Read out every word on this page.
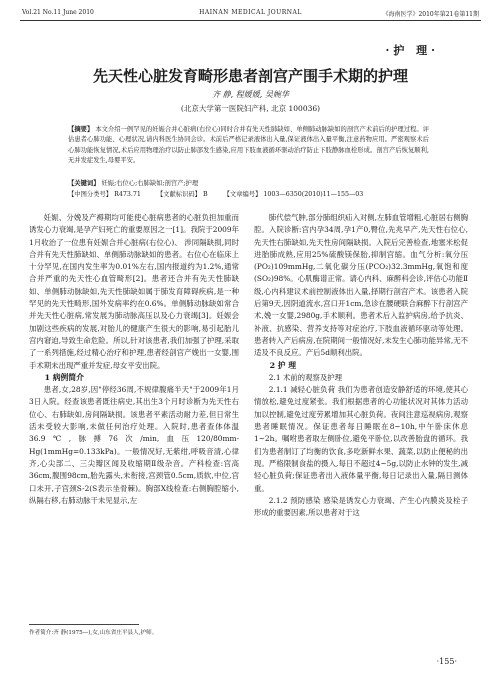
Vol.21 No.11 June 2010	HAINAN MEDICAL JOURNAL	《海南医学》2010年第21卷第11期
·护 理·
先天性心脏发育畸形患者剖宫产围手术期的护理
齐 静, 程媛媛, 吴婉华
(北京大学第一医院妇产科, 北京 100036)
【摘要】 本文介绍一例罕见的妊娠合并心脏病(右位心)同时合并有先天性肺缺如、单侧肺动脉缺如的剖宫产术前后的护理过程。评估患者心肺功能、心理状况,请内科医生协同会诊。术前后严格记录液体出入量,保证液体出入量平衡,注意药物应用。严密观察术后心肺功能恢复情况,术后应用物理治疗以防止肺部发生感染,应用下肢血液循环驱动治疗防止下肢静脉血栓形成。剖宫产后恢复顺利,无并发症发生,母婴平安。
【关键词】 妊娠;右位心;右肺缺如;剖宫产;护理
【中图分类号】 R473.71	【文献标识码】 B	【文章编号】 1003—6350(2010)11—155—03

妊娠、分娩及产褥期均可能使心脏病患者的心脏负担加重而诱发心力衰竭,是孕产妇死亡的重要原因之一[1]。我院于2009年1月收治了一位患有妊娠合并心脏病(右位心)、 涉同隔缺损,同时合并有先天性肺缺如、单侧肺动脉缺如的患者。右位心在临床上十分罕见,在国内发生率为0.01%左右,国内报道约为1.2%,通常合并严重的先天性心血管畸形[2]。患者还合并有先天性肺缺如、单侧肺动脉缺如,先天性肺缺如属于肺发育障碍疾病,是一种罕见的先天性畸形,国外发病率约在0.6%。单侧肺动脉缺如常合并先天性心脏病,常发展为肺动脉高压以及心力衰竭[3]。妊娠会加剧这些疾病的发展,对胎儿的健康产生很大的影响,易引起胎儿宫内窘迫,导致生命危险。所以,针对该患者,我们加强了护理,采取了一系列措施,经过精心治疗和护理,患者经剖宫产娩出一女婴,围手术期未出现严重并发症,母女平安出院。

1 病例简介

患者,女,28岁,因"停经36周,不规律腹痛半天"于2009年1月3日入院。经查该患者既往病史,其出生3个月时诊断为先天性右位心、右肺缺如,房间隔缺损。该患者平素活动耐力差,但日常生活未受较大影响,未做任何治疗处理。入院时,患者查体体温36.9℃,脉搏76次/min,血压120/80mm-Hg(1mmHg=0.133kPa)。一般情况好,无紫绀,呼吸音清,心律齐,心尖部二、三尖瓣区闻及收缩期Ⅱ级杂音。产科检查:宫高36cm,腹围98cm,胎先露头,未衔接,宫颈管0.5cm,质软,中位,宫口未开,子宫颈S-2(S表示坐骨棘)。胸部X线检查:右侧胸腔缩小,纵隔右移,右肺动脉干未见显示,左

肺代偿气肿,部分肺组织疝入对侧,左肺血管增粗,心脏居右侧胸腔。入院诊断:宫内孕34周,孕1产0,臀位,先兆早产,先天性右位心,先天性右肺缺如,先天性房间隔缺损。入院后完善检查,地塞米松促进胎肺成熟,应用25%硫酸镁保胎,抑制宫缩。血气分析:氧分压(PO₂)109mmHg,二氧化碳分压(PCO₂)32.3mmHg,氧饱和度(SO₂)98%。心肌酶谱正常。请心内科、麻醉科会诊,评估心功能Ⅱ级,心内科建议术前控制液体出入量,择期行剖宫产术。该患者入院后第9天,因阴道流水,宫口开1cm,急诊在腰硬联合麻醉下行剖宫产术,娩一女婴,2980g,手术顺利。患者术后入监护病房,给予抗炎、补液、抗感染、营养支持等对症治疗,下肢血液循环驱动等处理。患者转入产后病房,在院期间一般情况好,未发生心肺功能异常,无不适及不良反应。产后5d顺利出院。

2 护 理

2.1 术前的观察及护理

2.1.1 减轻心脏负荷 我们为患者创造安静舒适的环境,使其心情放松,避免过度紧张。我们根据患者的心功能状况对其体力活动加以控制,避免过度劳累增加其心脏负荷。夜间注意巡视病房,观察患者睡眠情况。保证患者每日睡眠在8~10h,中午卧床休息1~2h。嘱咐患者取左侧卧位,避免平卧位,以改善胎盘的循环。我们为患者制订了均衡的饮食,多吃新鲜水果、蔬菜,以防止便秘的出现。严格限制食盐的摄入,每日不超过4~5g,以防止水钟的发生,减轻心脏负荷;保证患者出入液体量平衡,每日记录出入量,隔日测体重。

2.1.2 预防感染 感染是诱发心力衰竭、产生心内膜炎及栓子形成的重要因素,所以患者对于这

作者简介:齐 静(1975—),女,山东省庄平县人,护师。
·155·
